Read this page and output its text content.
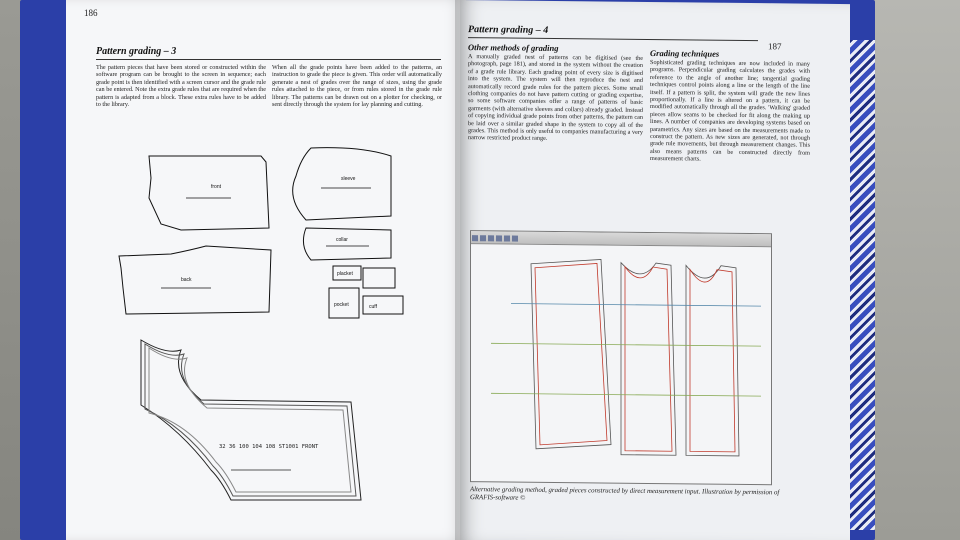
186
Pattern grading – 3
The pattern pieces that have been stored or constructed within the software program can be brought to the screen in sequence; each grade point is then identified with a screen cursor and the grade rule can be entered. Note the extra grade rules that are required when the pattern is adapted from a block. These extra rules have to be added to the library.
When all the grade points have been added to the patterns, an instruction to grade the piece is given. This order will automatically generate a nest of grades over the range of sizes, using the grade rules attached to the piece, or from rules stored in the grade rule library. The patterns can be drawn out on a plotter for checking, or sent directly through the system for lay planning and cutting.
front
back
sleeve
collar
cuff
pocket
placket
32 36 100 104 108 ST1001 FRONT
Pattern grading – 4
187
Other methods of grading
A manually graded nest of patterns can be digitised (see the photograph, page 181), and stored in the system without the creation of a grade rule library. Each grading point of every size is digitised into the system. The system will then reproduce the nest and automatically record grade rules for the pattern pieces. Some small clothing companies do not have pattern cutting or grading expertise, so some software companies offer a range of patterns of basic garments (with alternative sleeves and collars) already graded. Instead of copying individual grade points from other patterns, the pattern can be laid over a similar graded shape in the system to copy all of the grades. This method is only useful to companies manufacturing a very narrow restricted product range.
Grading techniques
Sophisticated grading techniques are now included in many programs. Perpendicular grading calculates the grades with reference to the angle of another line; tangential grading techniques control points along a line or the length of the line itself. If a pattern is split, the system will grade the new lines proportionally. If a line is altered on a pattern, it can be modified automatically through all the grades. 'Walking' graded pieces allow seams to be checked for fit along the making up lines. A number of companies are developing systems based on parametrics. Any sizes are based on the measurements made to construct the pattern. As new sizes are generated, not through grade rule movements, but through measurement changes. This also means patterns can be constructed directly from measurement charts.
Alternative grading method, graded pieces constructed by direct measurement input. Illustration by permission of GRAFIS-software ©
